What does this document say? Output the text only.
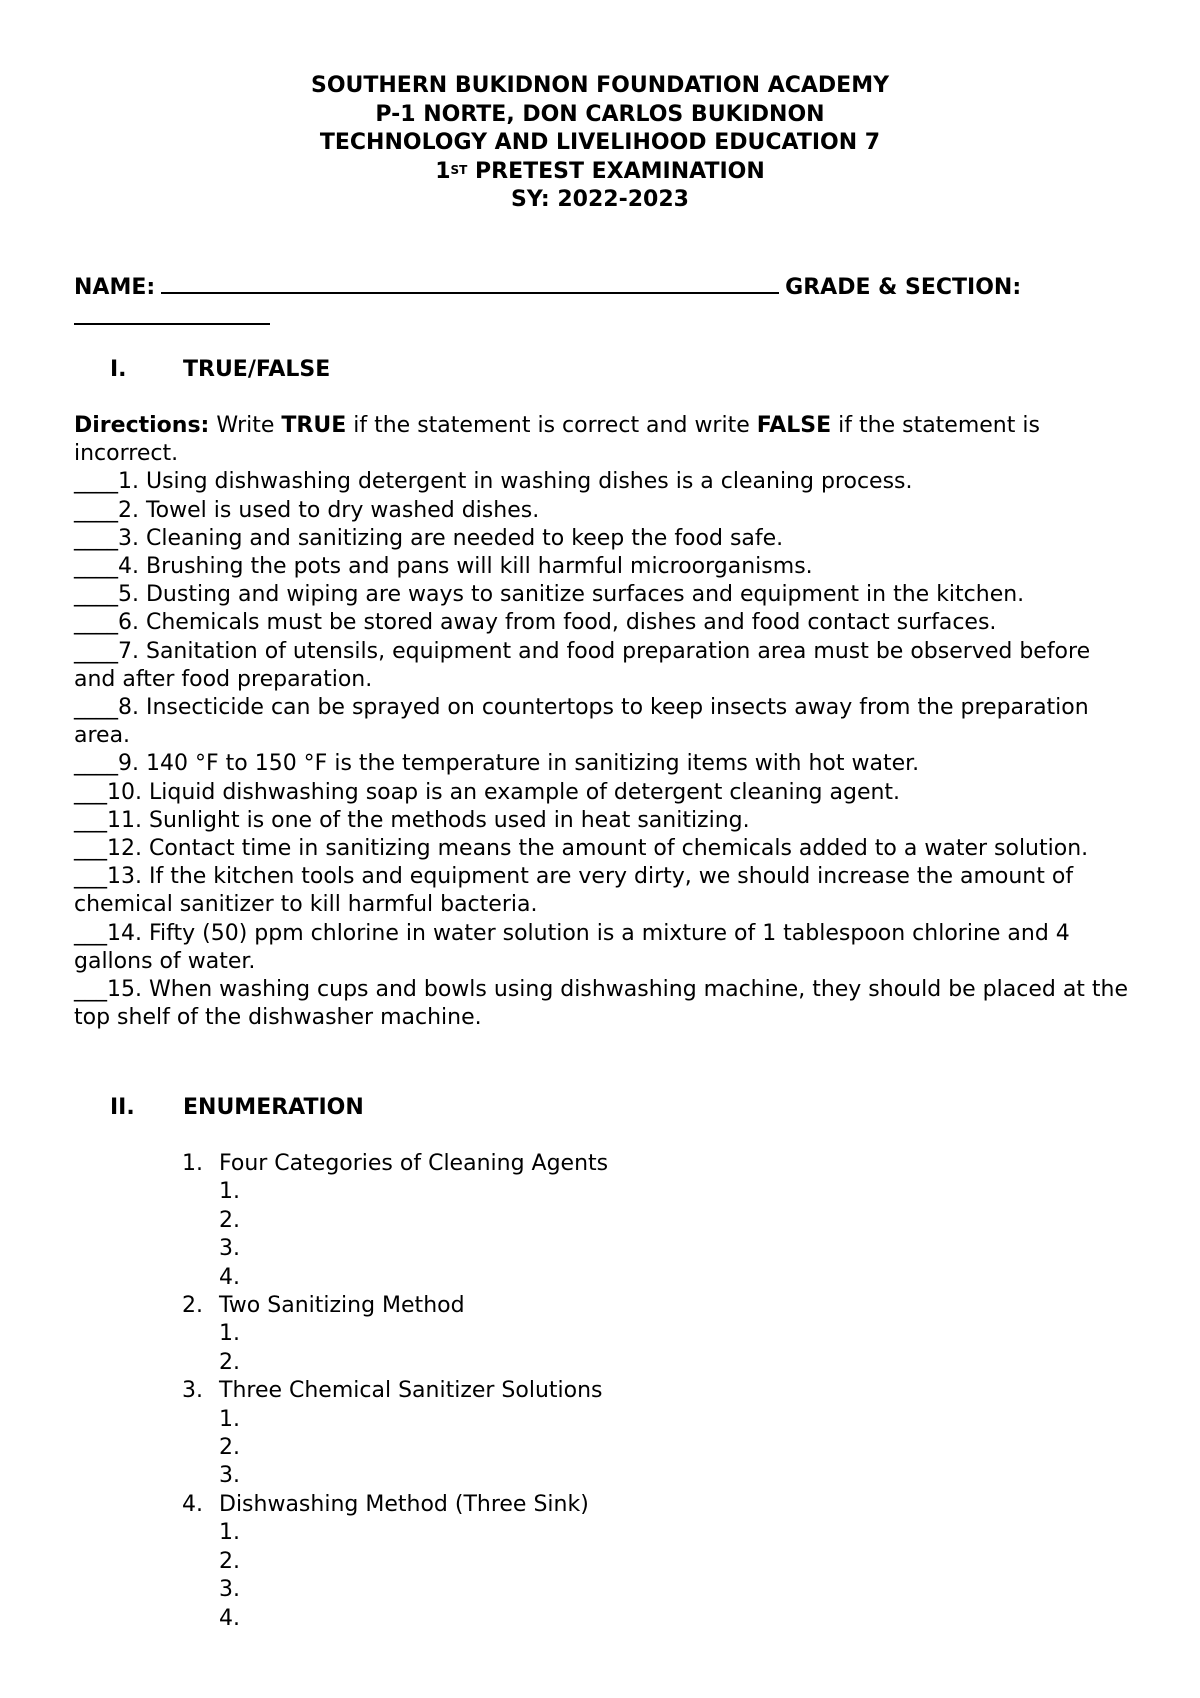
SOUTHERN BUKIDNON FOUNDATION ACADEMY
P-1 NORTE, DON CARLOS BUKIDNON
TECHNOLOGY AND LIVELIHOOD EDUCATION 7
1ST PRETEST EXAMINATION
SY: 2022-2023
NAME:	GRADE & SECTION:
I.	TRUE/FALSE

Directions: Write TRUE if the statement is correct and write FALSE if the statement is incorrect.

____1. Using dishwashing detergent in washing dishes is a cleaning process.

____2. Towel is used to dry washed dishes.

____3. Cleaning and sanitizing are needed to keep the food safe.

____4. Brushing the pots and pans will kill harmful microorganisms.

____5. Dusting and wiping are ways to sanitize surfaces and equipment in the kitchen.

____6. Chemicals must be stored away from food, dishes and food contact surfaces.

____7. Sanitation of utensils, equipment and food preparation area must be observed before and after food preparation.

____8. Insecticide can be sprayed on countertops to keep insects away from the preparation area.

____9. 140 °F to 150 °F is the temperature in sanitizing items with hot water.

___10. Liquid dishwashing soap is an example of detergent cleaning agent.

___11. Sunlight is one of the methods used in heat sanitizing.

___12. Contact time in sanitizing means the amount of chemicals added to a water solution.

___13. If the kitchen tools and equipment are very dirty, we should increase the amount of chemical sanitizer to kill harmful bacteria.

___14. Fifty (50) ppm chlorine in water solution is a mixture of 1 tablespoon chlorine and 4 gallons of water.

___15. When washing cups and bowls using dishwashing machine, they should be placed at the top shelf of the dishwasher machine.

II. ENUMERATION
1. Four Categories of Cleaning Agents
1.
2.
3.
4.
2. Two Sanitizing Method
1.
2.
3. Three Chemical Sanitizer Solutions
1.
2.
3.
4. Dishwashing Method (Three Sink)
1.
2.
3.
4.
